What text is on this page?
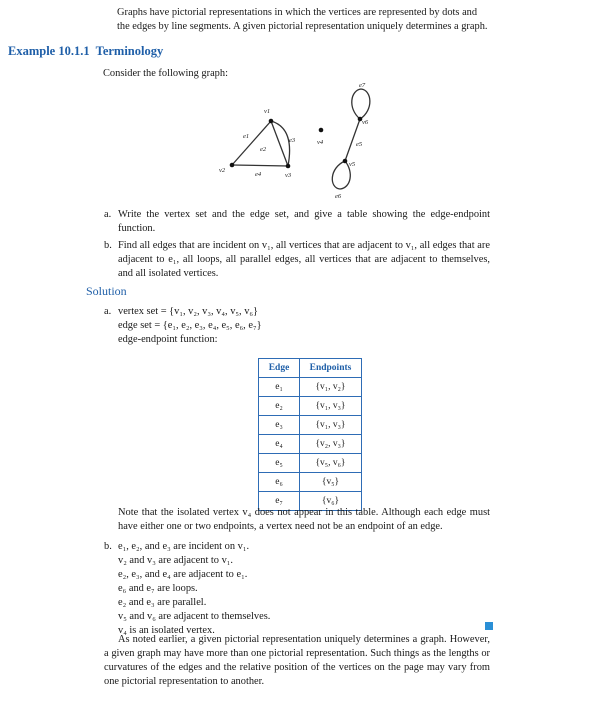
Graphs have pictorial representations in which the vertices are represented by dots and
the edges by line segments. A given pictorial representation uniquely determines a graph.
Example 10.1.1 Terminology
Consider the following graph:
v1
v2
v3
v4
v5
v6
e1
e2
e3
e4
e5
e6
e7
a. Write the vertex set and the edge set, and give a table showing the edge-endpoint function.
b. Find all edges that are incident on v₁, all vertices that are adjacent to v₁, all edges that are adjacent to e₁, all loops, all parallel edges, all vertices that are adjacent to themselves, and all isolated vertices.
Solution
a. vertex set = {v₁, v₂, v₃, v₄, v₅, v₆}
edge set = {e₁, e₂, e₃, e₄, e₅, e₆, e₇}
edge-endpoint function:
Edge	Endpoints
e₁	{v₁, v₂}
e₂	{v₁, v₃}
e₃	{v₁, v₃}
e₄	{v₂, v₃}
e₅	{v₅, v₆}
e₆	{v₅}
e₇	{v₆}
Note that the isolated vertex v₄ does not appear in this table. Although each edge must have either one or two endpoints, a vertex need not be an endpoint of an edge.
b. e₁, e₂, and e₃ are incident on v₁.
v₂ and v₃ are adjacent to v₁.
e₂, e₃, and e₄ are adjacent to e₁.
e₆ and e₇ are loops.
e₂ and e₃ are parallel.
v₅ and v₆ are adjacent to themselves.
v₄ is an isolated vertex.
As noted earlier, a given pictorial representation uniquely determines a graph. However, a given graph may have more than one pictorial representation. Such things as the lengths or curvatures of the edges and the relative position of the vertices on the page may vary from one pictorial representation to another.
